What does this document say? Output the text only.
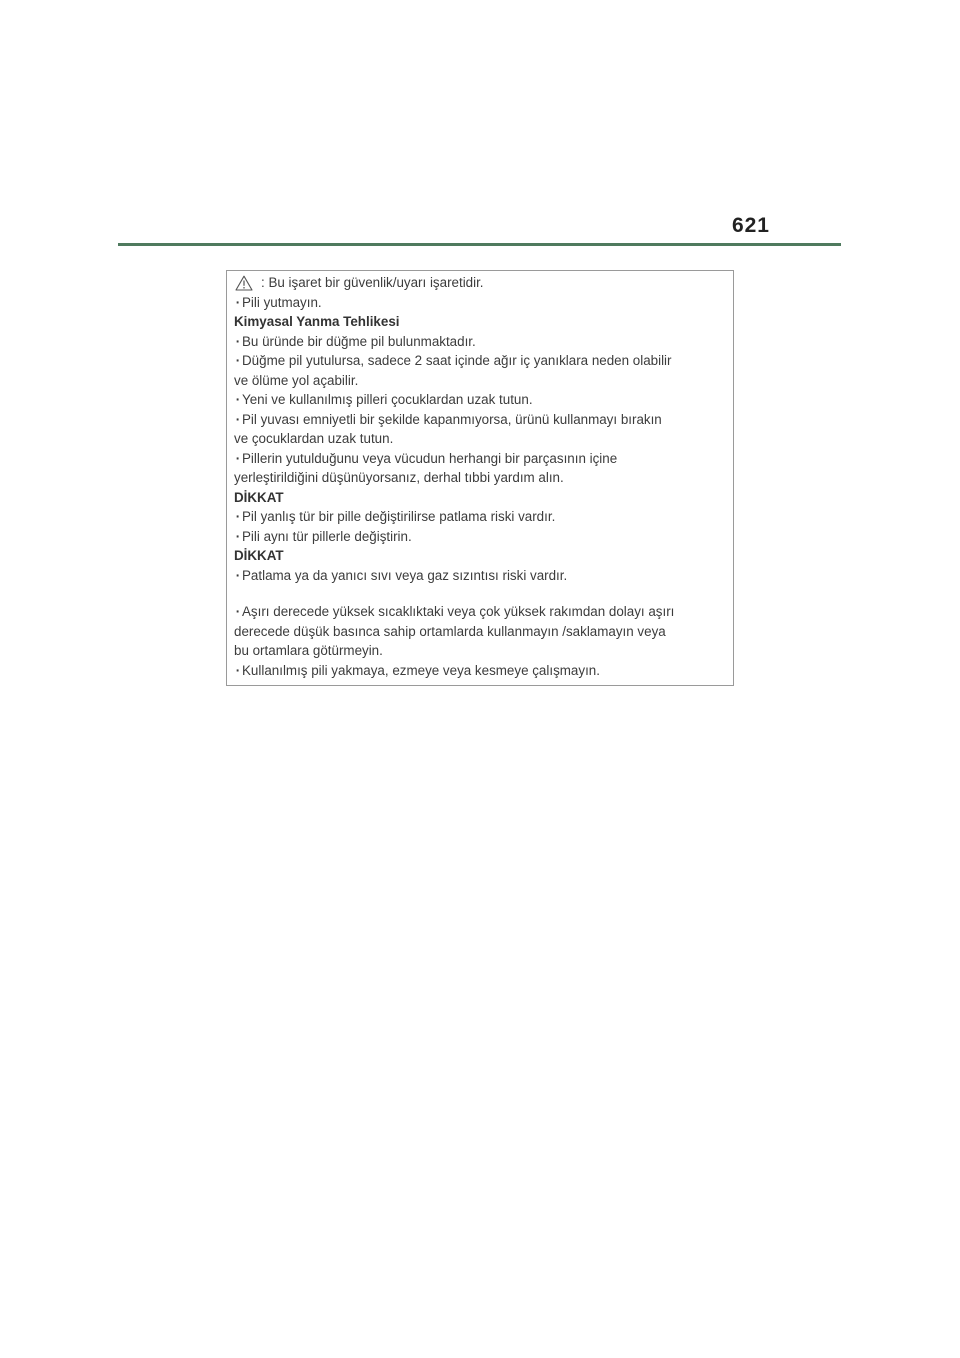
621
: Bu işaret bir güvenlik/uyarı işaretidir.
· Pili yutmayın.
Kimyasal Yanma Tehlikesi
· Bu üründe bir düğme pil bulunmaktadır.
· Düğme pil yutulursa, sadece 2 saat içinde ağır iç yanıklara neden olabilir
ve ölüme yol açabilir.
· Yeni ve kullanılmış pilleri çocuklardan uzak tutun.
· Pil yuvası emniyetli bir şekilde kapanmıyorsa, ürünü kullanmayı bırakın
ve çocuklardan uzak tutun.
· Pillerin yutulduğunu veya vücudun herhangi bir parçasının içine
yerleştirildiğini düşünüyorsanız, derhal tıbbi yardım alın.
DİKKAT
· Pil yanlış tür bir pille değiştirilirse patlama riski vardır.
· Pili aynı tür pillerle değiştirin.
DİKKAT
· Patlama ya da yanıcı sıvı veya gaz sızıntısı riski vardır.
· Aşırı derecede yüksek sıcaklıktaki veya çok yüksek rakımdan dolayı aşırı
derecede düşük basınca sahip ortamlarda kullanmayın /saklamayın veya
bu ortamlara götürmeyin.
· Kullanılmış pili yakmaya, ezmeye veya kesmeye çalışmayın.
